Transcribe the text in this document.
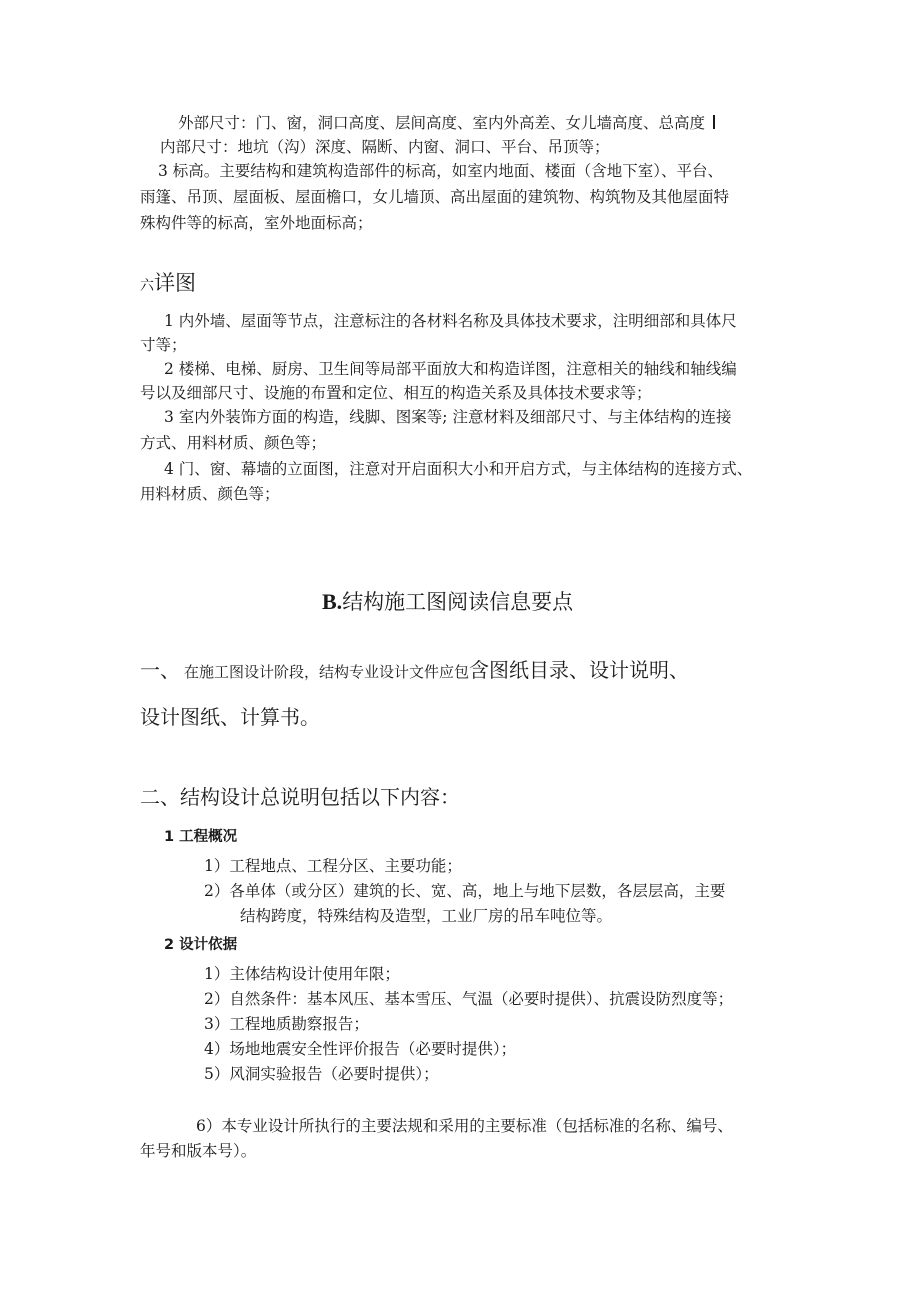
外部尺寸：门、窗，洞口高度、层间高度、室内外高差、女儿墙高度、总高度
内部尺寸：地坑（沟）深度、隔断、内窗、洞口、平台、吊顶等；
3 标高。主要结构和建筑构造部件的标高，如室内地面、楼面（含地下室）、平台、
雨篷、吊顶、屋面板、屋面檐口，女儿墙顶、高出屋面的建筑物、构筑物及其他屋面特
殊构件等的标高，室外地面标高；
六详图
1 内外墙、屋面等节点，注意标注的各材料名称及具体技术要求，注明细部和具体尺
寸等；
2 楼梯、电梯、厨房、卫生间等局部平面放大和构造详图，注意相关的轴线和轴线编
号以及细部尺寸、设施的布置和定位、相互的构造关系及具体技术要求等；
3 室内外装饰方面的构造，线脚、图案等; 注意材料及细部尺寸、与主体结构的连接
方式、用料材质、颜色等；
4 门、窗、幕墙的立面图，注意对开启面积大小和开启方式，与主体结构的连接方式、
用料材质、颜色等；
B.结构施工图阅读信息要点
一、 在施工图设计阶段，结构专业设计文件应包含图纸目录、设计说明、
设计图纸、计算书。
二、结构设计总说明包括以下内容：
1 工程概况
1）工程地点、工程分区、主要功能；
2）各单体（或分区）建筑的长、宽、高，地上与地下层数，各层层高，主要
结构跨度，特殊结构及造型，工业厂房的吊车吨位等。
2 设计依据
1）主体结构设计使用年限；
2）自然条件：基本风压、基本雪压、气温（必要时提供）、抗震设防烈度等；
3）工程地质勘察报告；
4）场地地震安全性评价报告（必要时提供）；
5）风洞实验报告（必要时提供）；
6）本专业设计所执行的主要法规和采用的主要标准（包括标准的名称、编号、
年号和版本号）。
